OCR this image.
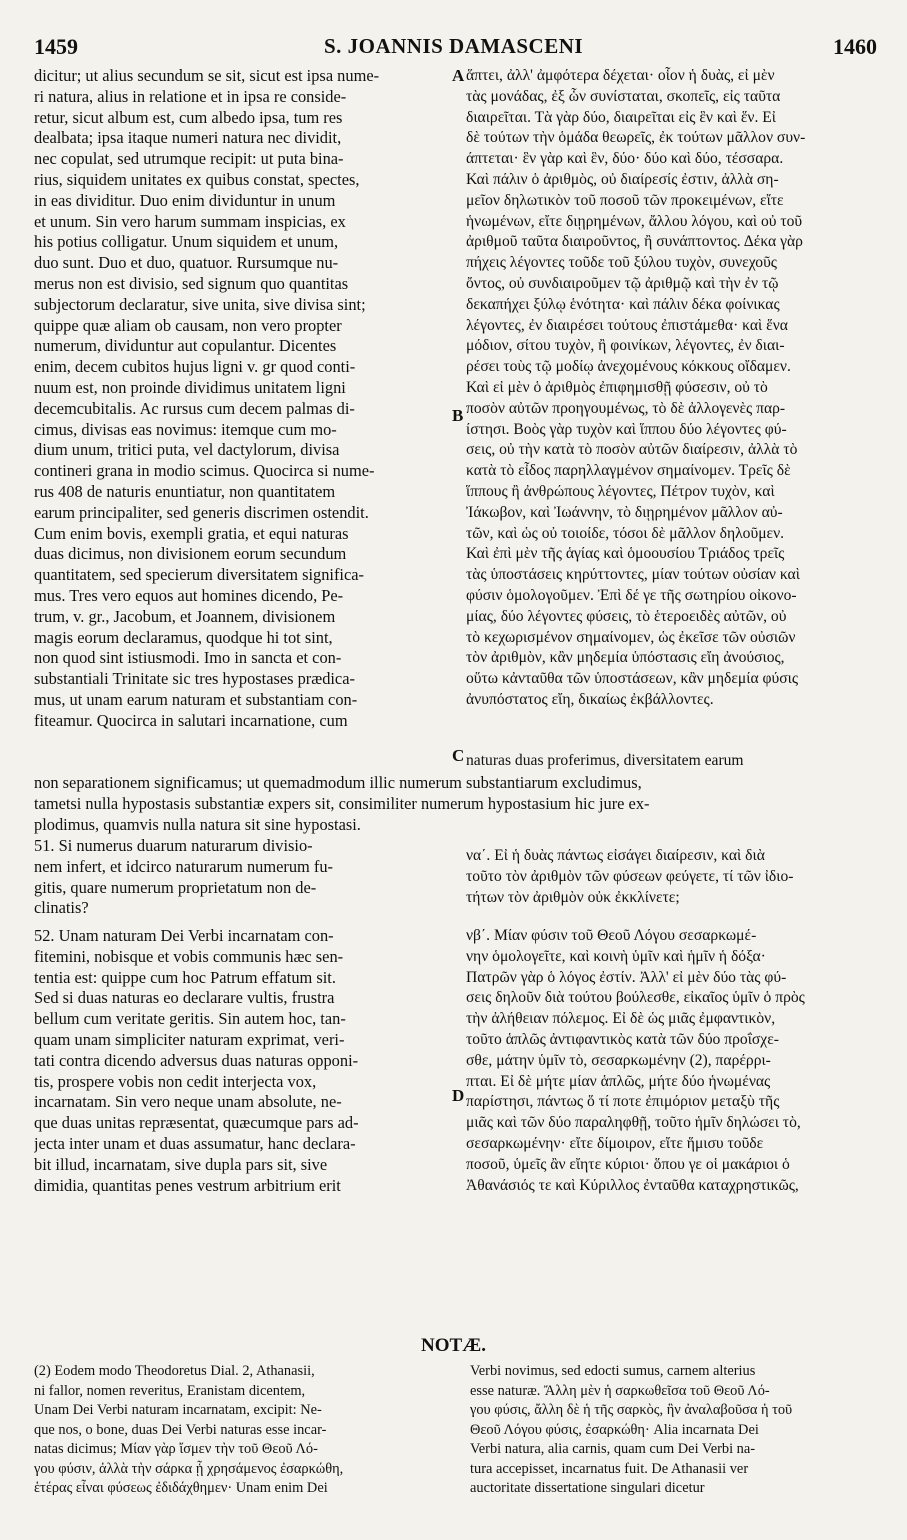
1459	S. JOANNIS DAMASCENI	1460
dicitur; ut alius secundum se sit, sicut est ipsa nume-
ri natura, alius in relatione et in ipsa re conside-
retur, sicut album est, cum albedo ipsa, tum res
dealbata; ipsa itaque numeri natura nec dividit,
nec copulat, sed utrumque recipit: ut puta bina-
rius, siquidem unitates ex quibus constat, spectes,
in eas dividitur. Duo enim dividuntur in unum
et unum. Sin vero harum summam inspicias, ex
his potius colligatur. Unum siquidem et unum,
duo sunt. Duo et duo, quatuor. Rursumque nu-
merus non est divisio, sed signum quo quantitas
subjectorum declaratur, sive unita, sive divisa sint;
quippe quæ aliam ob causam, non vero propter
numerum, dividuntur aut copulantur. Dicentes
enim, decem cubitos hujus ligni v. gr quod conti-
nuum est, non proinde dividimus unitatem ligni
decemcubitalis. Ac rursus cum decem palmas di-
cimus, divisas eas novimus: itemque cum mo-
dium unum, tritici puta, vel dactylorum, divisa
contineri grana in modio scimus. Quocirca si nume-
rus 408 de naturis enuntiatur, non quantitatem
earum principaliter, sed generis discrimen ostendit.
Cum enim bovis, exempli gratia, et equi naturas
duas dicimus, non divisionem eorum secundum
quantitatem, sed specierum diversitatem significa-
mus. Tres vero equos aut homines dicendo, Pe-
trum, v. gr., Jacobum, et Joannem, divisionem
magis eorum declaramus, quodque hi tot sint,
non quod sint istiusmodi. Imo in sancta et con-
substantiali Trinitate sic tres hypostases prædica-
mus, ut unam earum naturam et substantiam con-
fiteamur. Quocirca in salutari incarnatione, cum
ἅπτει, ἀλλ' ἀμφότερα δέχεται· οἷον ἡ δυὰς, εἰ μὲν
τὰς μονάδας, ἐξ ὧν συνίσταται, σκοπεῖς, εἰς ταῦτα
διαιρεῖται. Τὰ γὰρ δύο, διαιρεῖται εἰς ἓν καὶ ἕν. Εἰ
δὲ τούτων τὴν ὁμάδα θεωρεῖς, ἐκ τούτων μᾶλλον συν-
άπτεται· ἓν γὰρ καὶ ἓν, δύο· δύο καὶ δύο, τέσσαρα.
Καὶ πάλιν ὁ ἀριθμὸς, οὐ διαίρεσίς ἐστιν, ἀλλὰ ση-
μεῖον δηλωτικὸν τοῦ ποσοῦ τῶν προκειμένων, εἴτε
ἡνωμένων, εἴτε διῃρημένων, ἄλλου λόγου, καὶ οὐ τοῦ
ἀριθμοῦ ταῦτα διαιροῦντος, ἢ συνάπτοντος. Δέκα γὰρ
πήχεις λέγοντες τοῦδε τοῦ ξύλου τυχὸν, συνεχοῦς
ὄντος, οὐ συνδιαιροῦμεν τῷ ἀριθμῷ καὶ τὴν ἐν τῷ
δεκαπήχει ξύλῳ ἑνότητα· καὶ πάλιν δέκα φοίνικας
λέγοντες, ἐν διαιρέσει τούτους ἐπιστάμεθα· καὶ ἕνα
μόδιον, σίτου τυχὸν, ἢ φοινίκων, λέγοντες, ἐν διαι-
ρέσει τοὺς τῷ μοδίῳ ἀνεχομένους κόκκους οἴδαμεν.
Καὶ εἰ μὲν ὁ ἀριθμὸς ἐπιφημισθῇ φύσεσιν, οὐ τὸ
ποσὸν αὐτῶν προηγουμένως, τὸ δὲ ἀλλογενὲς παρ-
ίστησι. Βοὸς γὰρ τυχὸν καὶ ἵππου δύο λέγοντες φύ-
σεις, οὐ τὴν κατὰ τὸ ποσὸν αὐτῶν διαίρεσιν, ἀλλὰ τὸ
κατὰ τὸ εἶδος παρηλλαγμένον σημαίνομεν. Τρεῖς δὲ
ἵππους ἢ ἀνθρώπους λέγοντες, Πέτρον τυχὸν, καὶ
Ἰάκωβον, καὶ Ἰωάννην, τὸ διῃρημένον μᾶλλον αὐ-
τῶν, καὶ ὡς οὐ τοιοίδε, τόσοι δὲ μᾶλλον δηλοῦμεν.
Καὶ ἐπὶ μὲν τῆς ἁγίας καὶ ὁμοουσίου Τριάδος τρεῖς
τὰς ὑποστάσεις κηρύττοντες, μίαν τούτων οὐσίαν καὶ
φύσιν ὁμολογοῦμεν. Ἐπὶ δέ γε τῆς σωτηρίου οἰκονο-
μίας, δύο λέγοντες φύσεις, τὸ ἑτεροειδὲς αὐτῶν, οὐ
τὸ κεχωρισμένον σημαίνομεν, ὡς ἐκεῖσε τῶν οὐσιῶν
τὸν ἀριθμὸν, κἂν μηδεμία ὑπόστασις εἴη ἀνούσιος,
οὕτω κἀνταῦθα τῶν ὑποστάσεων, κἂν μηδεμία φύσις
ἀνυπόστατος εἴη, δικαίως ἐκβάλλοντες.
A
B
C
D
naturas duas proferimus, diversitatem earum
non separationem significamus; ut quemadmodum illic numerum substantiarum excludimus,
tametsi nulla hypostasis substantiæ expers sit, consimiliter numerum hypostasium hic jure ex-
plodimus, quamvis nulla natura sit sine hypostasi.
51. Si numerus duarum naturarum divisio-
nem infert, et idcirco naturarum numerum fu-
gitis, quare numerum proprietatum non de-
clinatis?
να΄. Εἰ ἡ δυὰς πάντως εἰσάγει διαίρεσιν, καὶ διὰ
τοῦτο τὸν ἀριθμὸν τῶν φύσεων φεύγετε, τί τῶν ἰδιο-
τήτων τὸν ἀριθμὸν οὐκ ἐκκλίνετε;
52. Unam naturam Dei Verbi incarnatam con-
fitemini, nobisque et vobis communis hæc sen-
tentia est: quippe cum hoc Patrum effatum sit.
Sed si duas naturas eo declarare vultis, frustra
bellum cum veritate geritis. Sin autem hoc, tan-
quam unam simpliciter naturam exprimat, veri-
tati contra dicendo adversus duas naturas opponi-
tis, prospere vobis non cedit interjecta vox,
incarnatam. Sin vero neque unam absolute, ne-
que duas unitas repræsentat, quæcumque pars ad-
jecta inter unam et duas assumatur, hanc declara-
bit illud, incarnatam, sive dupla pars sit, sive
dimidia, quantitas penes vestrum arbitrium erit
νβ΄. Μίαν φύσιν τοῦ Θεοῦ Λόγου σεσαρκωμέ-
νην ὁμολογεῖτε, καὶ κοινὴ ὑμῖν καὶ ἡμῖν ἡ δόξα·
Πατρῶν γὰρ ὁ λόγος ἐστίν. Ἀλλ' εἰ μὲν δύο τὰς φύ-
σεις δηλοῦν διὰ τούτου βούλεσθε, εἰκαῖος ὑμῖν ὁ πρὸς
τὴν ἀλήθειαν πόλεμος. Εἰ δὲ ὡς μιᾶς ἐμφαντικὸν,
τοῦτο ἁπλῶς ἀντιφαντικὸς κατὰ τῶν δύο προΐσχε-
σθε, μάτην ὑμῖν τὸ, σεσαρκωμένην (2), παρέρρι-
πται. Εἰ δὲ μήτε μίαν ἁπλῶς, μήτε δύο ἡνωμένας
παρίστησι, πάντως ὅ τί ποτε ἐπιμόριον μεταξὺ τῆς
μιᾶς καὶ τῶν δύο παραληφθῇ, τοῦτο ἡμῖν δηλώσει τὸ,
σεσαρκωμένην· εἴτε δίμοιρον, εἴτε ἥμισυ τοῦδε
ποσοῦ, ὑμεῖς ἂν εἴητε κύριοι· ὅπου γε οἱ μακάριοι ὁ
Ἀθανάσιός τε καὶ Κύριλλος ἐνταῦθα καταχρηστικῶς,
NOTÆ.
(2) Eodem modo Theodoretus Dial. 2, Athanasii,
ni fallor, nomen reveritus, Eranistam dicentem,
Unam Dei Verbi naturam incarnatam, excipit: Ne-
que nos, o bone, duas Dei Verbi naturas esse incar-
natas dicimus; Μίαν γὰρ ἴσμεν τὴν τοῦ Θεοῦ Λό-
γου φύσιν, ἀλλὰ τὴν σάρκα ᾗ χρησάμενος ἐσαρκώθη,
ἑτέρας εἶναι φύσεως ἐδιδάχθημεν· Unam enim Dei
Verbi novimus, sed edocti sumus, carnem alterius
esse naturæ. Ἄλλη μὲν ἡ σαρκωθεῖσα τοῦ Θεοῦ Λό-
γου φύσις, ἄλλη δὲ ἡ τῆς σαρκὸς, ἣν ἀναλαβοῦσα ἡ τοῦ
Θεοῦ Λόγου φύσις, ἐσαρκώθη· Alia incarnata Dei
Verbi natura, alia carnis, quam cum Dei Verbi na-
tura accepisset, incarnatus fuit. De Athanasii ver
auctoritate dissertatione singulari dicetur
